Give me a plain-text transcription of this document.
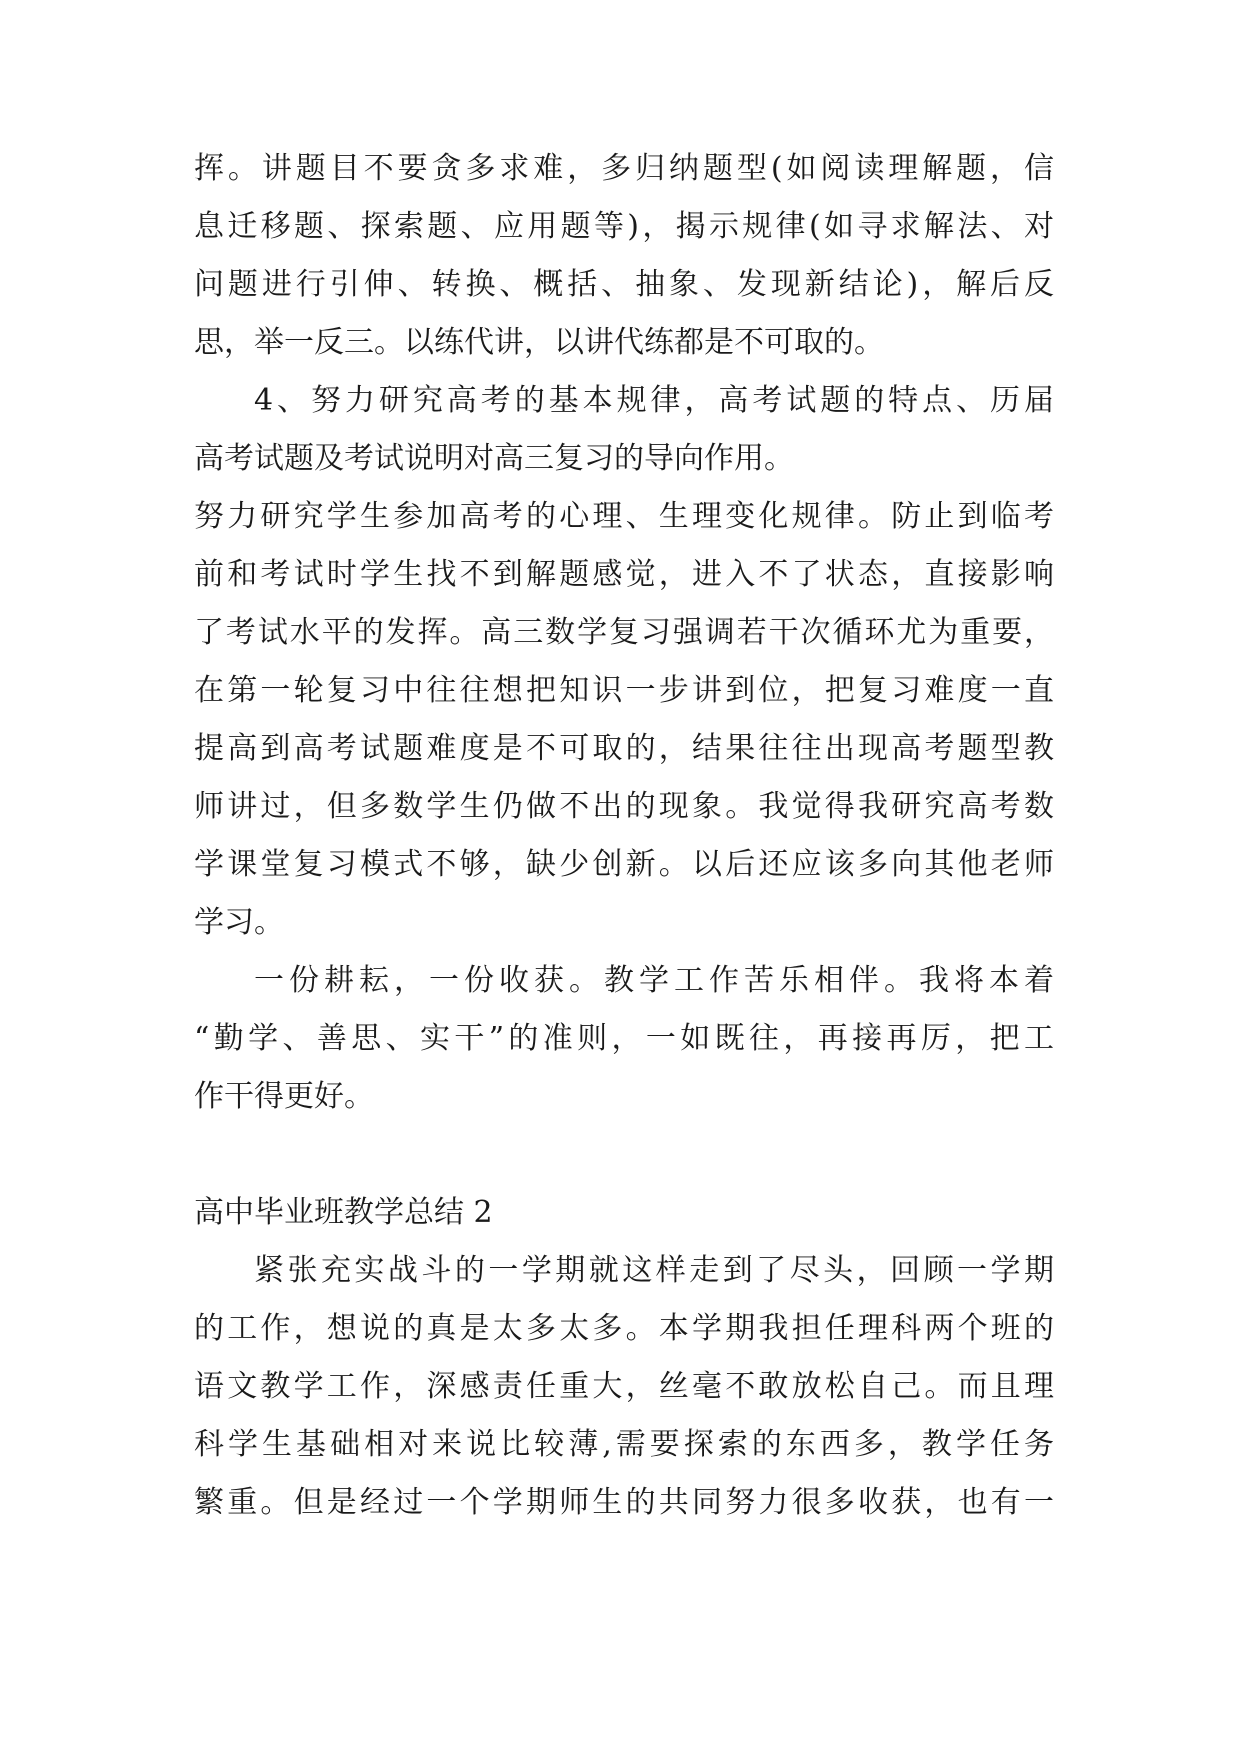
挥。讲题目不要贪多求难，多归纳题型(如阅读理解题，信
息迁移题、探索题、应用题等)，揭示规律(如寻求解法、对
问题进行引伸、转换、概括、抽象、发现新结论)，解后反
思，举一反三。以练代讲，以讲代练都是不可取的。
4、努力研究高考的基本规律，高考试题的特点、历届
高考试题及考试说明对高三复习的导向作用。
努力研究学生参加高考的心理、生理变化规律。防止到临考
前和考试时学生找不到解题感觉，进入不了状态，直接影响
了考试水平的发挥。高三数学复习强调若干次循环尤为重要，
在第一轮复习中往往想把知识一步讲到位，把复习难度一直
提高到高考试题难度是不可取的，结果往往出现高考题型教
师讲过，但多数学生仍做不出的现象。我觉得我研究高考数
学课堂复习模式不够，缺少创新。以后还应该多向其他老师
学习。
一份耕耘，一份收获。教学工作苦乐相伴。我将本着
“勤学、善思、实干”的准则，一如既往，再接再厉，把工
作干得更好。
高中毕业班教学总结 2
紧张充实战斗的一学期就这样走到了尽头，回顾一学期
的工作，想说的真是太多太多。本学期我担任理科两个班的
语文教学工作，深感责任重大，丝毫不敢放松自己。而且理
科学生基础相对来说比较薄,需要探索的东西多，教学任务
繁重。但是经过一个学期师生的共同努力很多收获，也有一
